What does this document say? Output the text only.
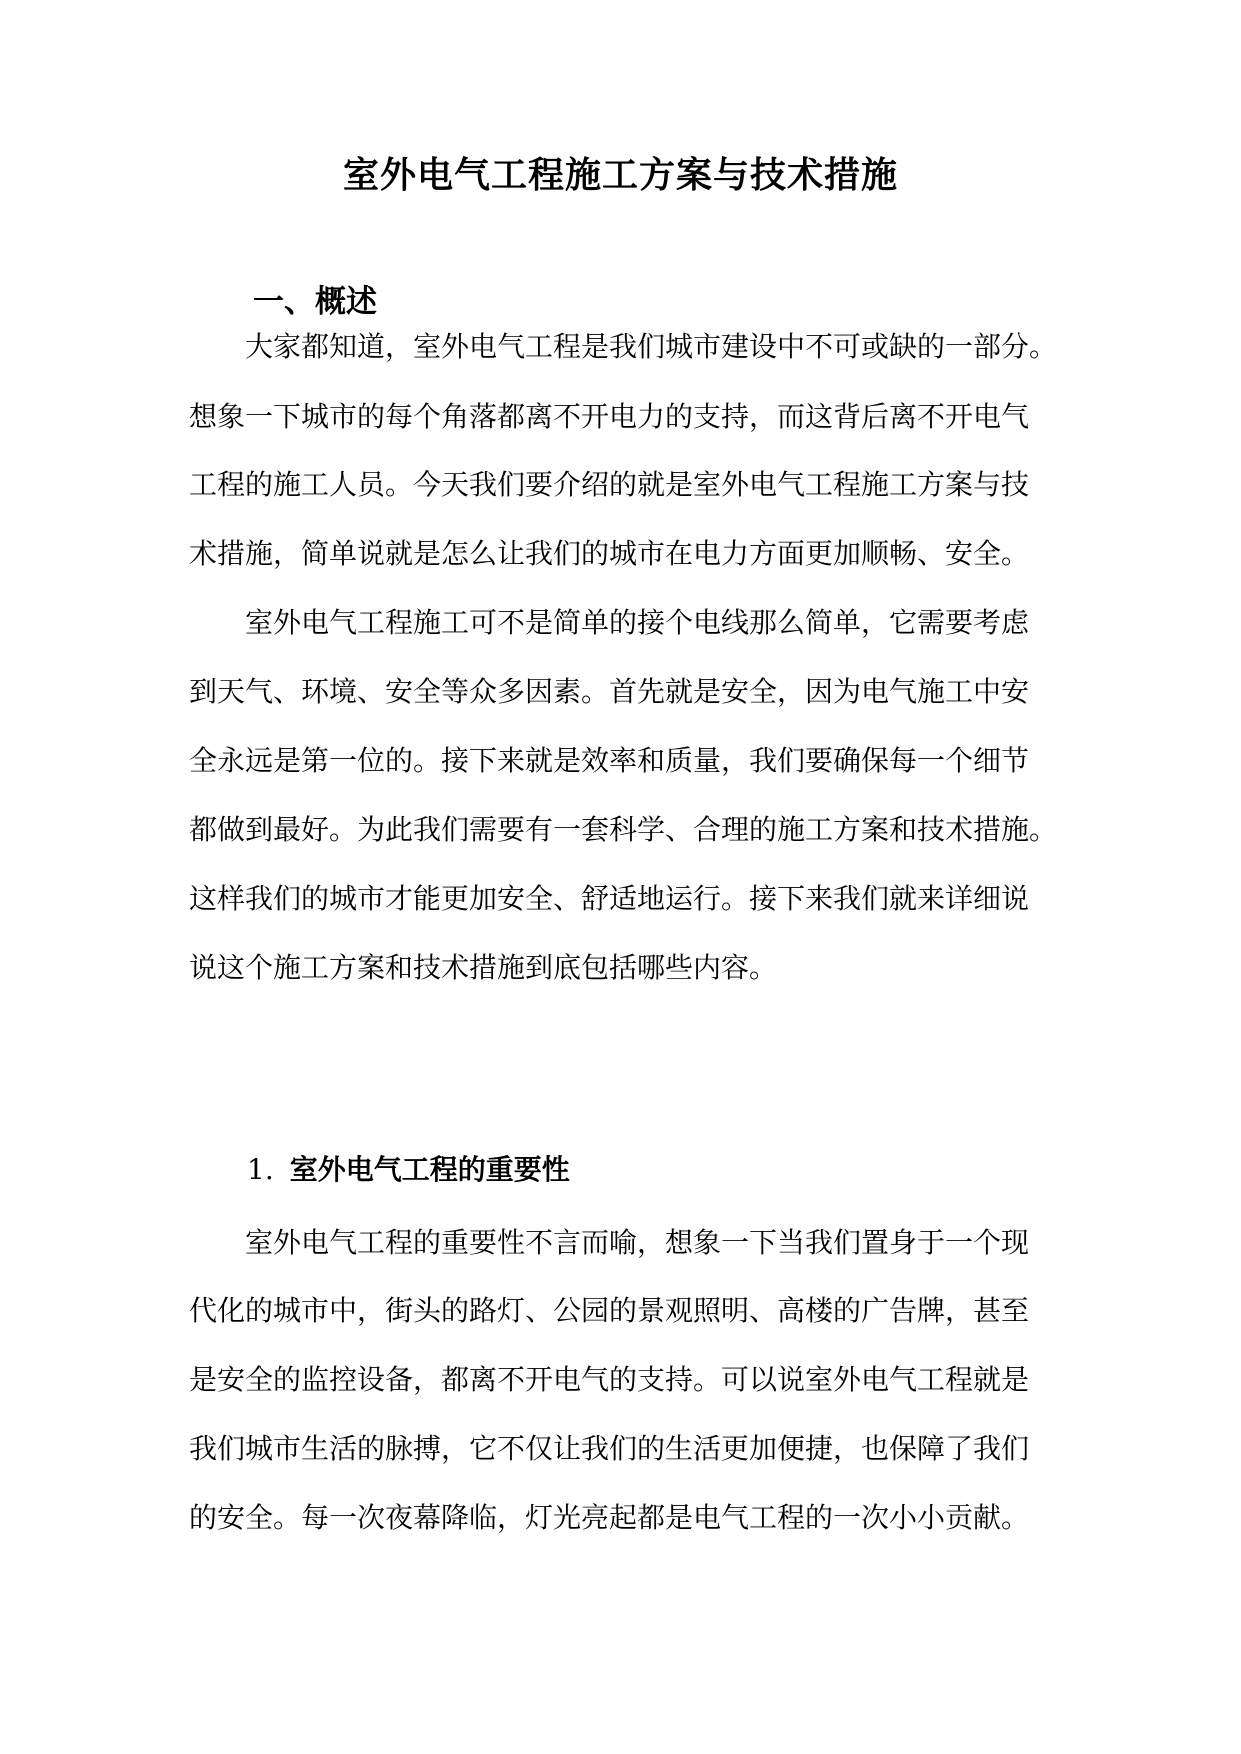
室外电气工程施工方案与技术措施
一、概述
大家都知道，室外电气工程是我们城市建设中不可或缺的一部分。
想象一下城市的每个角落都离不开电力的支持，而这背后离不开电气
工程的施工人员。今天我们要介绍的就是室外电气工程施工方案与技
术措施，简单说就是怎么让我们的城市在电力方面更加顺畅、安全。
室外电气工程施工可不是简单的接个电线那么简单，它需要考虑
到天气、环境、安全等众多因素。首先就是安全，因为电气施工中安
全永远是第一位的。接下来就是效率和质量，我们要确保每一个细节
都做到最好。为此我们需要有一套科学、合理的施工方案和技术措施。
这样我们的城市才能更加安全、舒适地运行。接下来我们就来详细说
说这个施工方案和技术措施到底包括哪些内容。
1. 室外电气工程的重要性
室外电气工程的重要性不言而喻，想象一下当我们置身于一个现
代化的城市中，街头的路灯、公园的景观照明、高楼的广告牌，甚至
是安全的监控设备，都离不开电气的支持。可以说室外电气工程就是
我们城市生活的脉搏，它不仅让我们的生活更加便捷，也保障了我们
的安全。每一次夜幕降临，灯光亮起都是电气工程的一次小小贡献。
